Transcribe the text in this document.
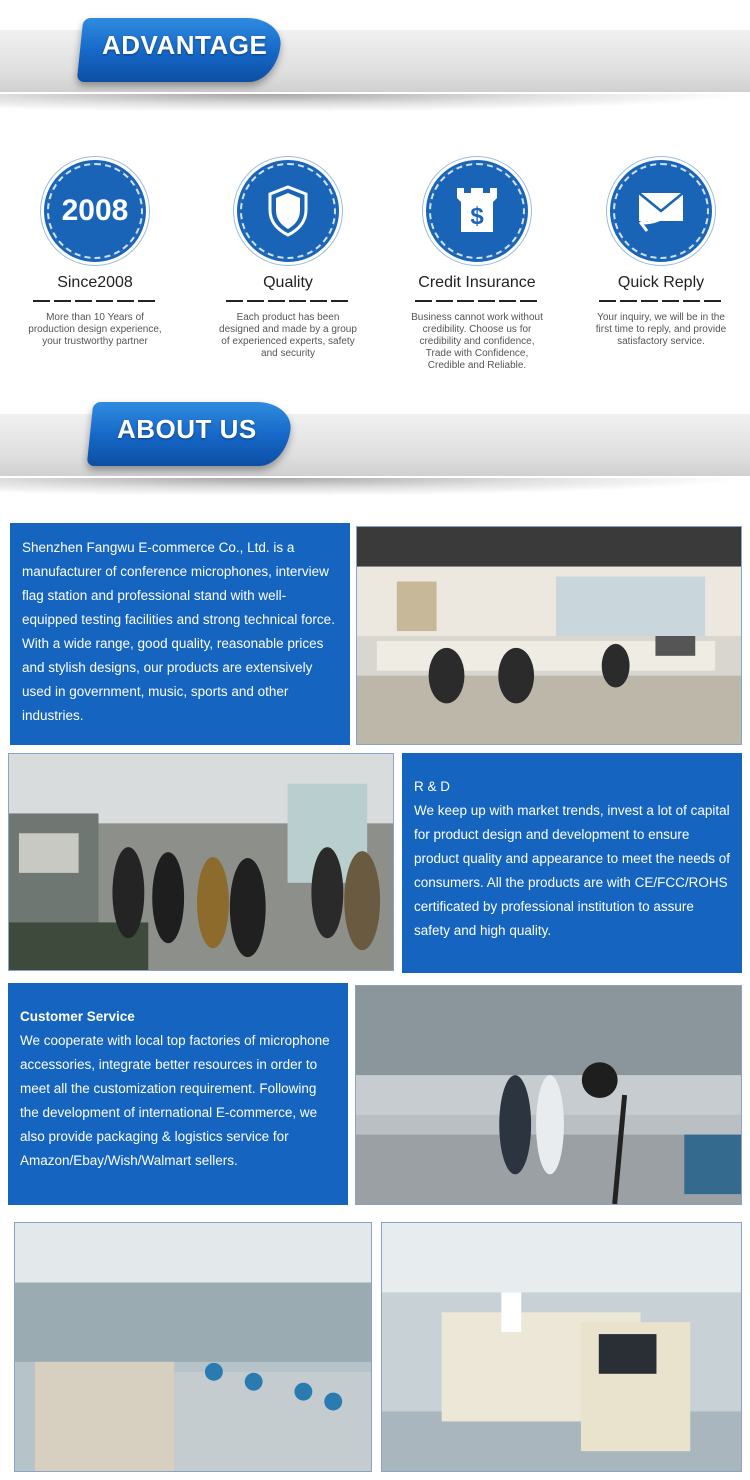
ADVANTAGE
2008
Since2008
More than 10 Years of production design experience, your trustworthy partner
Quality
Each product has been designed and made by a group of experienced experts, safety and security
$
Credit Insurance
Business cannot work without credibility. Choose us for credibility and confidence, Trade with Confidence, Credible and Reliable.
Quick Reply
Your inquiry, we will be in the first time to reply, and provide satisfactory service.
ABOUT US
Shenzhen Fangwu E-commerce Co., Ltd. is a manufacturer of conference microphones, interview flag station and professional stand with well-equipped testing facilities and strong technical force. With a wide range, good quality, reasonable prices and stylish designs, our products are extensively used in government, music, sports and other industries.
R & D
We keep up with market trends, invest a lot of capital for product design and development to ensure product quality and appearance to meet the needs of consumers. All the products are with CE/FCC/ROHS certificated by professional institution to assure safety and high quality.
Customer Service
We cooperate with local top factories of microphone accessories, integrate better resources in order to meet all the customization requirement. Following the development of international E-commerce, we also provide packaging & logistics service for Amazon/Ebay/Wish/Walmart sellers.
